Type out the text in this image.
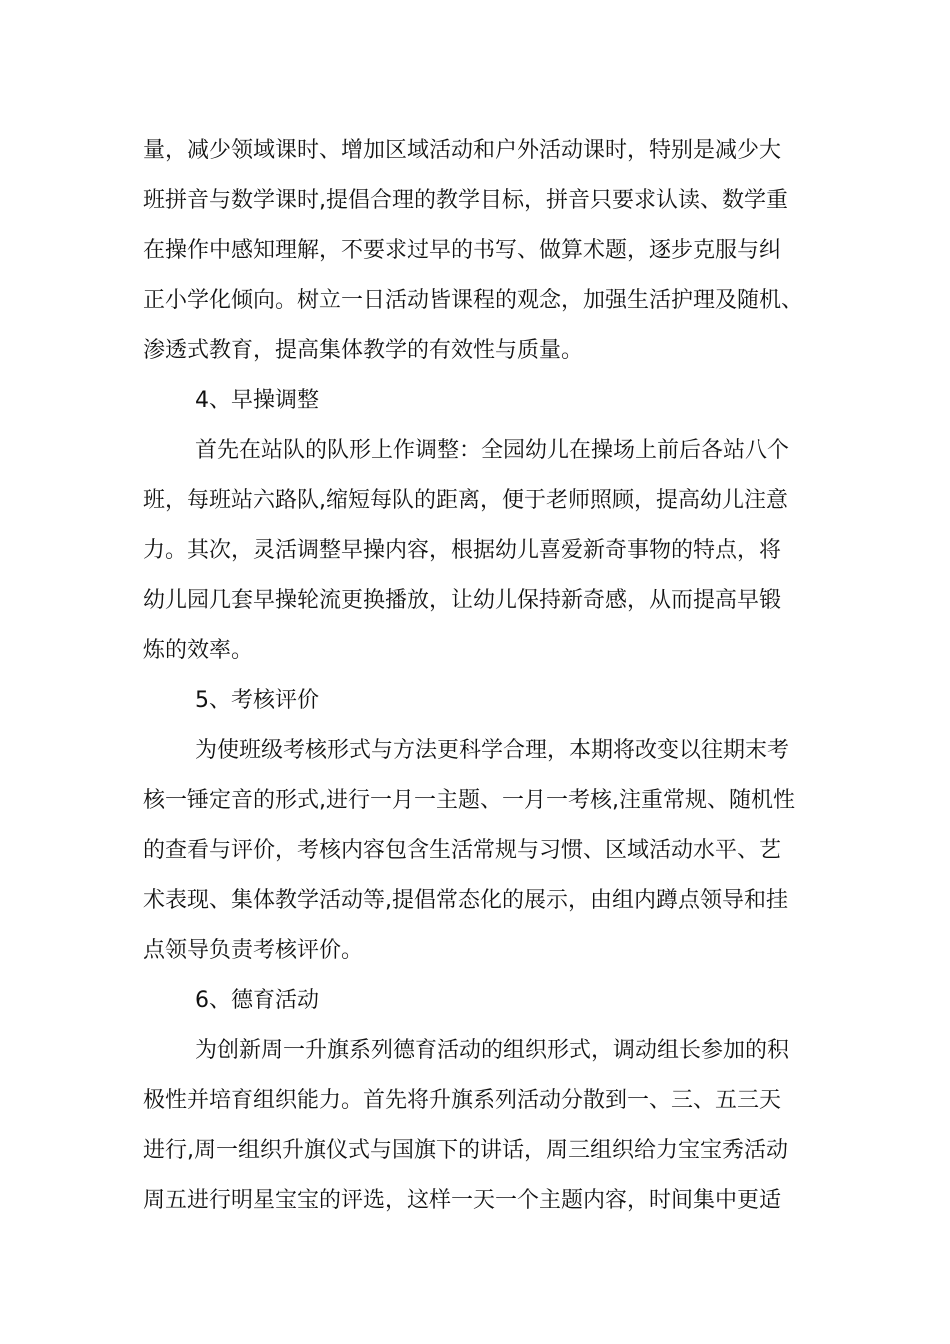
量，减少领域课时、增加区域活动和户外活动课时，特别是减少大
班拼音与数学课时,提倡合理的教学目标，拼音只要求认读、数学重
在操作中感知理解，不要求过早的书写、做算术题，逐步克服与纠
正小学化倾向。树立一日活动皆课程的观念，加强生活护理及随机、
渗透式教育，提高集体教学的有效性与质量。
4、早操调整
首先在站队的队形上作调整：全园幼儿在操场上前后各站八个
班，每班站六路队,缩短每队的距离，便于老师照顾，提高幼儿注意
力。其次，灵活调整早操内容，根据幼儿喜爱新奇事物的特点，将
幼儿园几套早操轮流更换播放，让幼儿保持新奇感，从而提高早锻
炼的效率。
5、考核评价
为使班级考核形式与方法更科学合理，本期将改变以往期末考
核一锤定音的形式,进行一月一主题、一月一考核,注重常规、随机性
的查看与评价，考核内容包含生活常规与习惯、区域活动水平、艺
术表现、集体教学活动等,提倡常态化的展示，由组内蹲点领导和挂
点领导负责考核评价。
6、德育活动
为创新周一升旗系列德育活动的组织形式，调动组长参加的积
极性并培育组织能力。首先将升旗系列活动分散到一、三、五三天
进行,周一组织升旗仪式与国旗下的讲话，周三组织给力宝宝秀活动
周五进行明星宝宝的评选，这样一天一个主题内容，时间集中更适
